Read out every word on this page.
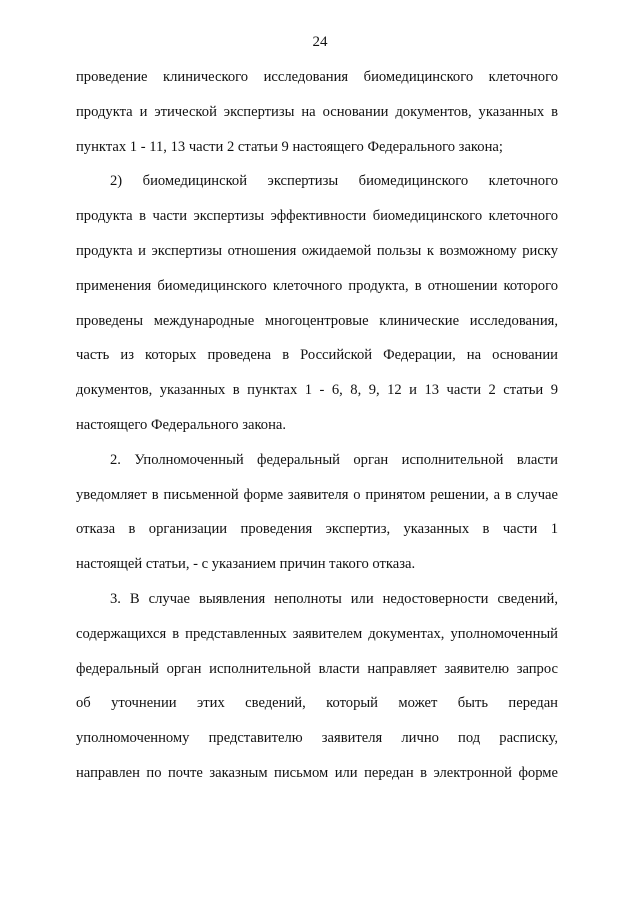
24
проведение клинического исследования биомедицинского клеточного
продукта и этической экспертизы на основании документов, указанных в
пунктах 1 - 11, 13 части 2 статьи 9 настоящего Федерального закона;
2) биомедицинской экспертизы биомедицинского клеточного
продукта в части экспертизы эффективности биомедицинского клеточного
продукта и экспертизы отношения ожидаемой пользы к возможному риску
применения биомедицинского клеточного продукта, в отношении которого
проведены международные многоцентровые клинические исследования,
часть из которых проведена в Российской Федерации, на основании
документов, указанных в пунктах 1 - 6, 8, 9, 12 и 13 части 2 статьи 9
настоящего Федерального закона.
2. Уполномоченный федеральный орган исполнительной власти
уведомляет в письменной форме заявителя о принятом решении, а в случае
отказа в организации проведения экспертиз, указанных в части 1
настоящей статьи, - с указанием причин такого отказа.
3. В случае выявления неполноты или недостоверности сведений,
содержащихся в представленных заявителем документах, уполномоченный
федеральный орган исполнительной власти направляет заявителю запрос
об уточнении этих сведений, который может быть передан
уполномоченному представителю заявителя лично под расписку,
направлен по почте заказным письмом или передан в электронной форме
